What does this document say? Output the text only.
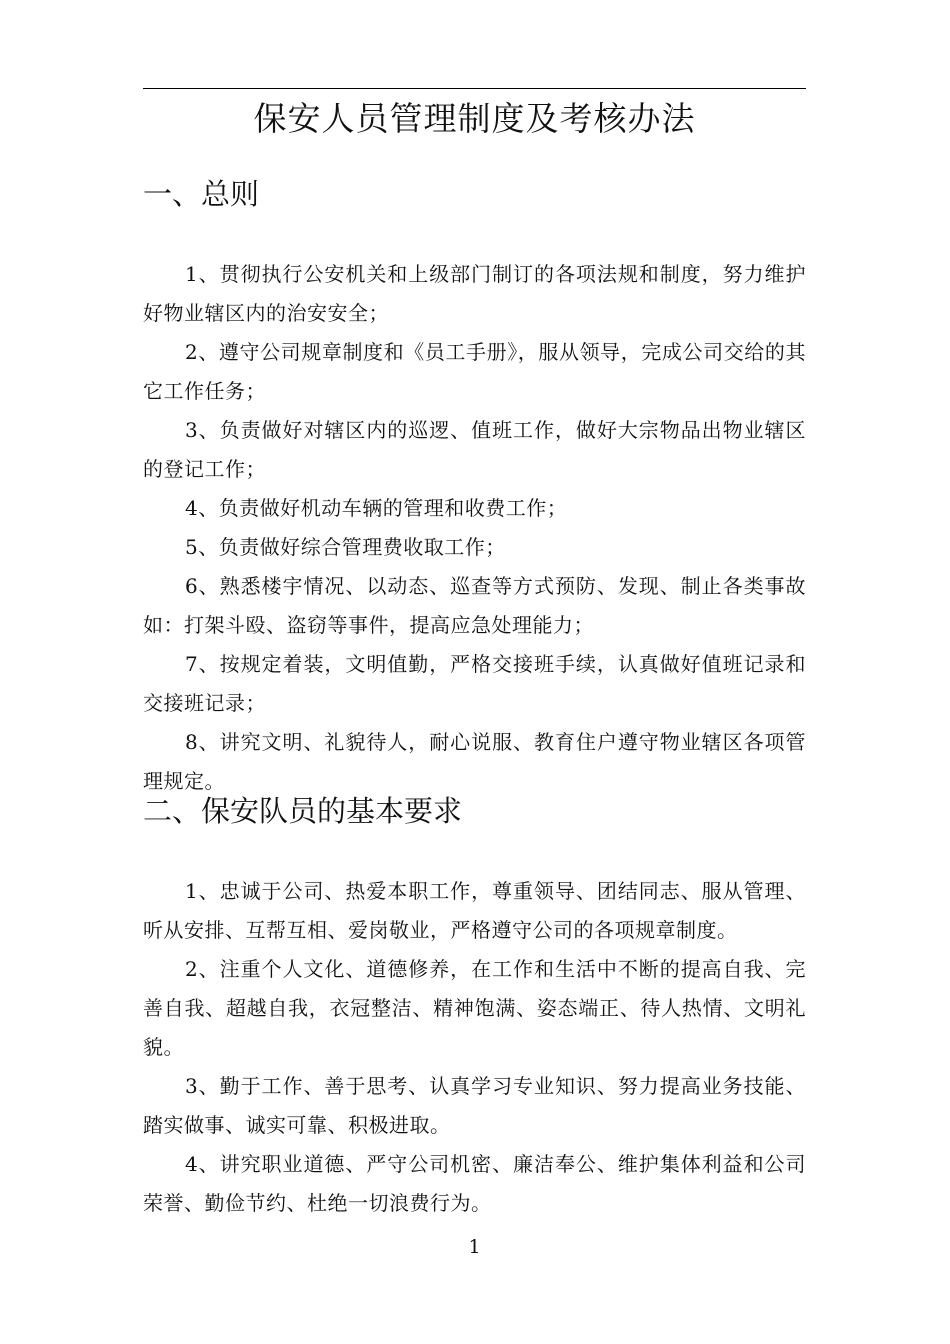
保安人员管理制度及考核办法
一、总则

1、贯彻执行公安机关和上级部门制订的各项法规和制度，努力维护好物业辖区内的治安安全；

2、遵守公司规章制度和《员工手册》，服从领导，完成公司交给的其它工作任务；

3、负责做好对辖区内的巡逻、值班工作，做好大宗物品出物业辖区的登记工作；

4、负责做好机动车辆的管理和收费工作；

5、负责做好综合管理费收取工作；

6、熟悉楼宇情况、以动态、巡查等方式预防、发现、制止各类事故如：打架斗殴、盗窃等事件，提高应急处理能力；

7、按规定着装，文明值勤，严格交接班手续，认真做好值班记录和交接班记录；

8、讲究文明、礼貌待人，耐心说服、教育住户遵守物业辖区各项管理规定。

二、保安队员的基本要求

1、忠诚于公司、热爱本职工作，尊重领导、团结同志、服从管理、听从安排、互帮互相、爱岗敬业，严格遵守公司的各项规章制度。

2、注重个人文化、道德修养，在工作和生活中不断的提高自我、完善自我、超越自我，衣冠整洁、精神饱满、姿态端正、待人热情、文明礼貌。

3、勤于工作、善于思考、认真学习专业知识、努力提高业务技能、踏实做事、诚实可靠、积极进取。

4、讲究职业道德、严守公司机密、廉洁奉公、维护集体利益和公司荣誉、勤俭节约、杜绝一切浪费行为。

1
